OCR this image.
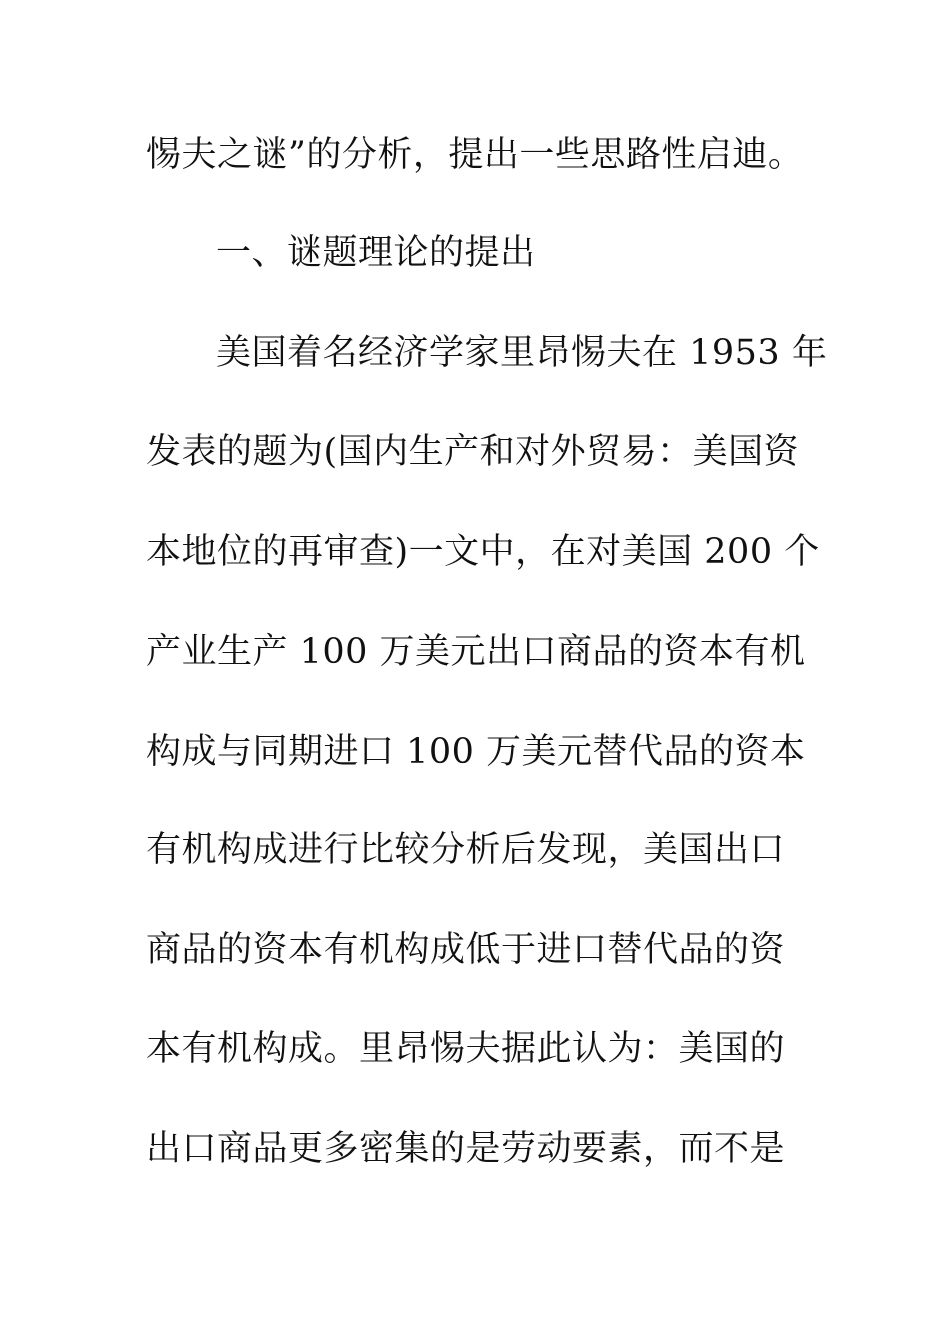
惕夫之谜”的分析，提出一些思路性启迪。
一、谜题理论的提出
美国着名经济学家里昂惕夫在 1953 年
发表的题为(国内生产和对外贸易：美国资
本地位的再审查)一文中，在对美国 200 个
产业生产 100 万美元出口商品的资本有机
构成与同期进口 100 万美元替代品的资本
有机构成进行比较分析后发现，美国出口
商品的资本有机构成低于进口替代品的资
本有机构成。里昂惕夫据此认为：美国的
出口商品更多密集的是劳动要素，而不是
